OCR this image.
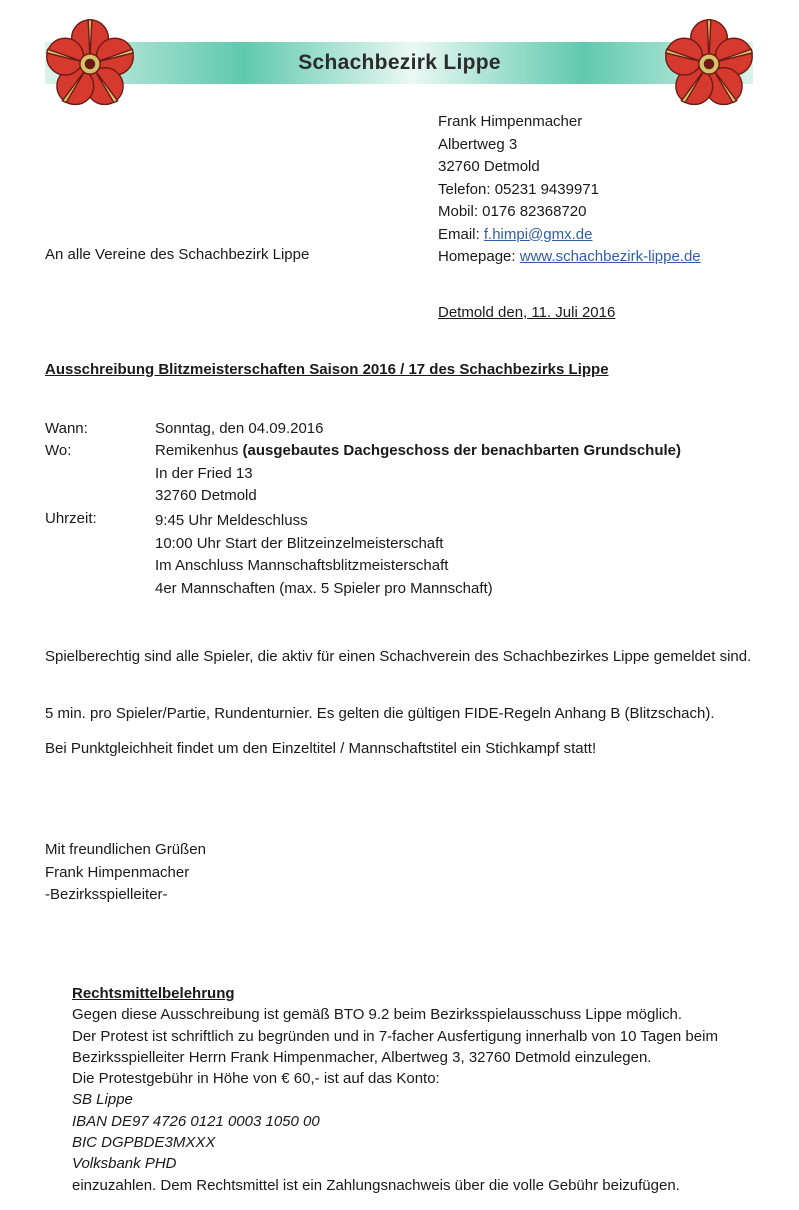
Schachbezirk Lippe
Frank Himpenmacher
Albertweg 3
32760 Detmold
Telefon: 05231 9439971
Mobil: 0176 82368720
Email: f.himpi@gmx.de
Homepage: www.schachbezirk-lippe.de
An alle Vereine des Schachbezirk Lippe
Detmold den, 11. Juli 2016
Ausschreibung Blitzmeisterschaften Saison 2016 / 17 des Schachbezirks Lippe
Wann:	Sonntag, den 04.09.2016
Wo:	Remikenhus (ausgebautes Dachgeschoss der benachbarten Grundschule)
In der Fried 13
32760 Detmold
Uhrzeit:	9:45 Uhr Meldeschluss
10:00 Uhr Start der Blitzeinzelmeisterschaft
Im Anschluss Mannschaftsblitzmeisterschaft
4er Mannschaften (max. 5 Spieler pro Mannschaft)
Spielberechtig sind alle Spieler, die aktiv für einen Schachverein des Schachbezirkes Lippe gemeldet sind.
5 min. pro Spieler/Partie, Rundenturnier. Es gelten die gültigen FIDE-Regeln Anhang B (Blitzschach).
Bei Punktgleichheit findet um den Einzeltitel / Mannschaftstitel ein Stichkampf statt!
Mit freundlichen Grüßen
Frank Himpenmacher
-Bezirksspielleiter-
Rechtsmittelbelehrung
Gegen diese Ausschreibung ist gemäß BTO 9.2 beim Bezirksspielausschuss Lippe möglich.
Der Protest ist schriftlich zu begründen und in 7-facher Ausfertigung innerhalb von 10 Tagen beim
Bezirksspielleiter Herrn Frank Himpenmacher, Albertweg 3, 32760 Detmold einzulegen.
Die Protestgebühr in Höhe von € 60,- ist auf das Konto:
SB Lippe
IBAN DE97 4726 0121 0003 1050 00
BIC DGPBDE3MXXX
Volksbank PHD
einzuzahlen. Dem Rechtsmittel ist ein Zahlungsnachweis über die volle Gebühr beizufügen.
